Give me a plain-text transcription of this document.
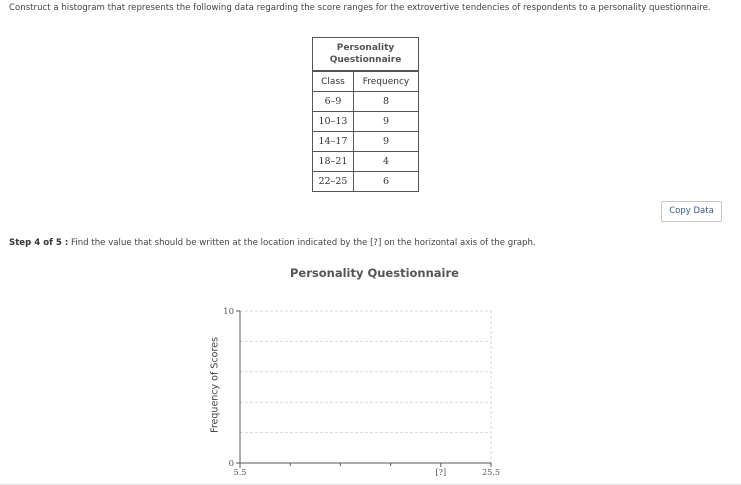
Construct a histogram that represents the following data regarding the score ranges for the extrovertive tendencies of respondents to a personality questionnaire.
Personality
Questionnaire	
Class	Frequency
6–9	8
10–13	9
14–17	9
18–21	4
22–25	6
Copy Data
Step 4 of 5 : Find the value that should be written at the location indicated by the [?] on the horizontal axis of the graph.
Personality Questionnaire
Frequency of Scores
0
10
5.5	[?]	25.5
